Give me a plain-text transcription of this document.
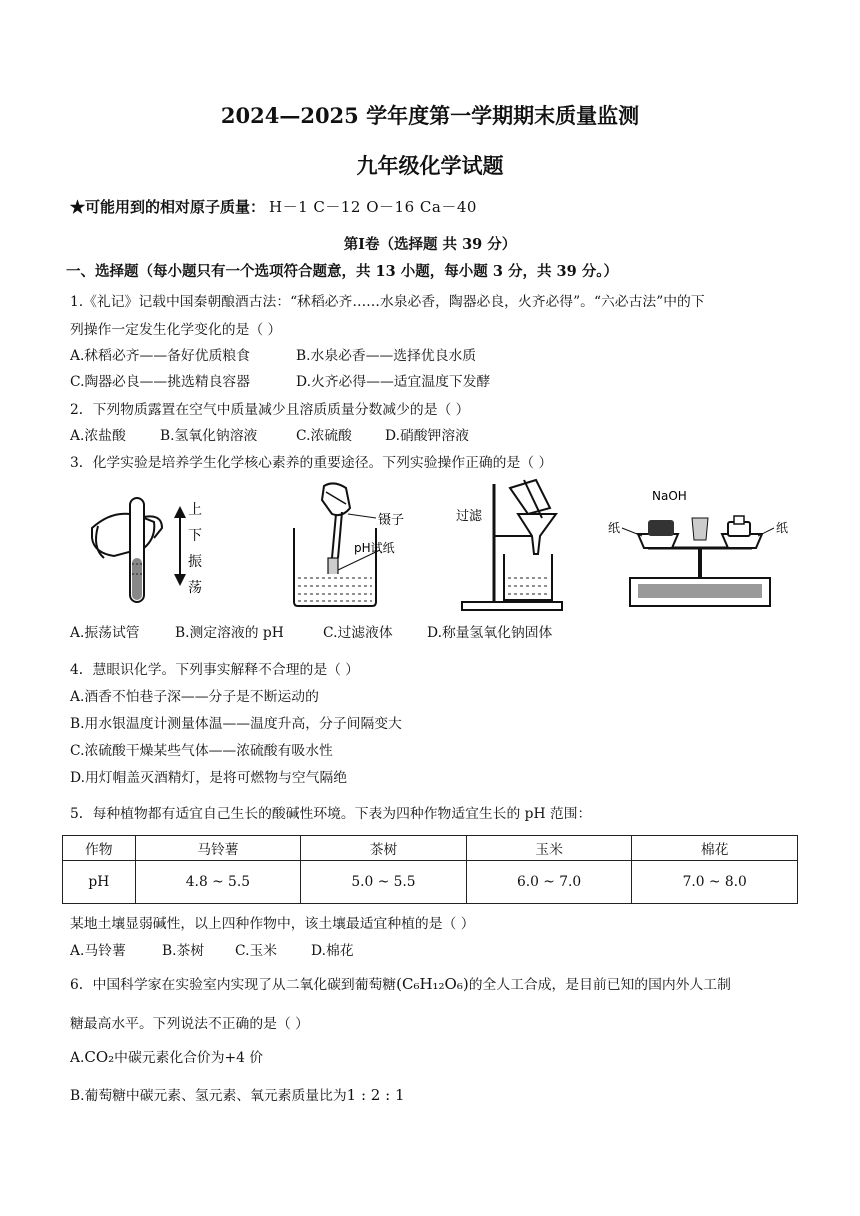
2024—2025 学年度第一学期期末质量监测
九年级化学试题
★可能用到的相对原子质量： H－1 C－12 O－16 Ca－40
第Ⅰ卷（选择题 共 39 分）
一、选择题（每小题只有一个选项符合题意，共 13 小题，每小题 3 分，共 39 分。）
1.《礼记》记载中国秦朝酿酒古法：“秫稻必齐……水泉必香，陶器必良，火齐必得”。“六必古法”中的下
列操作一定发生化学变化的是（ ）
A.秫稻必齐——备好优质粮食	B.水泉必香——选择优良水质
C.陶器必良——挑选精良容器	D.火齐必得——适宜温度下发酵
2．下列物质露置在空气中质量减少且溶质质量分数减少的是（ ）
A.浓盐酸 B.氢氧化钠溶液	C.浓硫酸 D.硝酸钾溶液
3．化学实验是培养学生化学核心素养的重要途径。下列实验操作正确的是（ ）
上
下
振
荡
镊子
pH试纸
过滤
NaOH
纸	纸
A.振荡试管	B.测定溶液的 pH	C.过滤液体 D.称量氢氧化钠固体
4．慧眼识化学。下列事实解释不合理的是（ ）
A.酒香不怕巷子深——分子是不断运动的
B.用水银温度计测量体温——温度升高，分子间隔变大
C.浓硫酸干燥某些气体——浓硫酸有吸水性
D.用灯帽盖灭酒精灯，是将可燃物与空气隔绝
5．每种植物都有适宜自己生长的酸碱性环境。下表为四种作物适宜生长的 pH 范围：
作物	马铃薯	茶树	玉米	棉花
pH	4.8 ~ 5.5	5.0 ~ 5.5	6.0 ~ 7.0	7.0 ~ 8.0
某地土壤显弱碱性，以上四种作物中，该土壤最适宜种植的是（ ）
A.马铃薯	B.茶树 C.玉米 D.棉花
6．中国科学家在实验室内实现了从二氧化碳到葡萄糖(C₆H₁₂O₆)的全人工合成，是目前已知的国内外人工制
糖最高水平。下列说法不正确的是（ ）
A.CO₂中碳元素化合价为+4 价
B.葡萄糖中碳元素、氢元素、氧元素质量比为1 : 2 : 1
